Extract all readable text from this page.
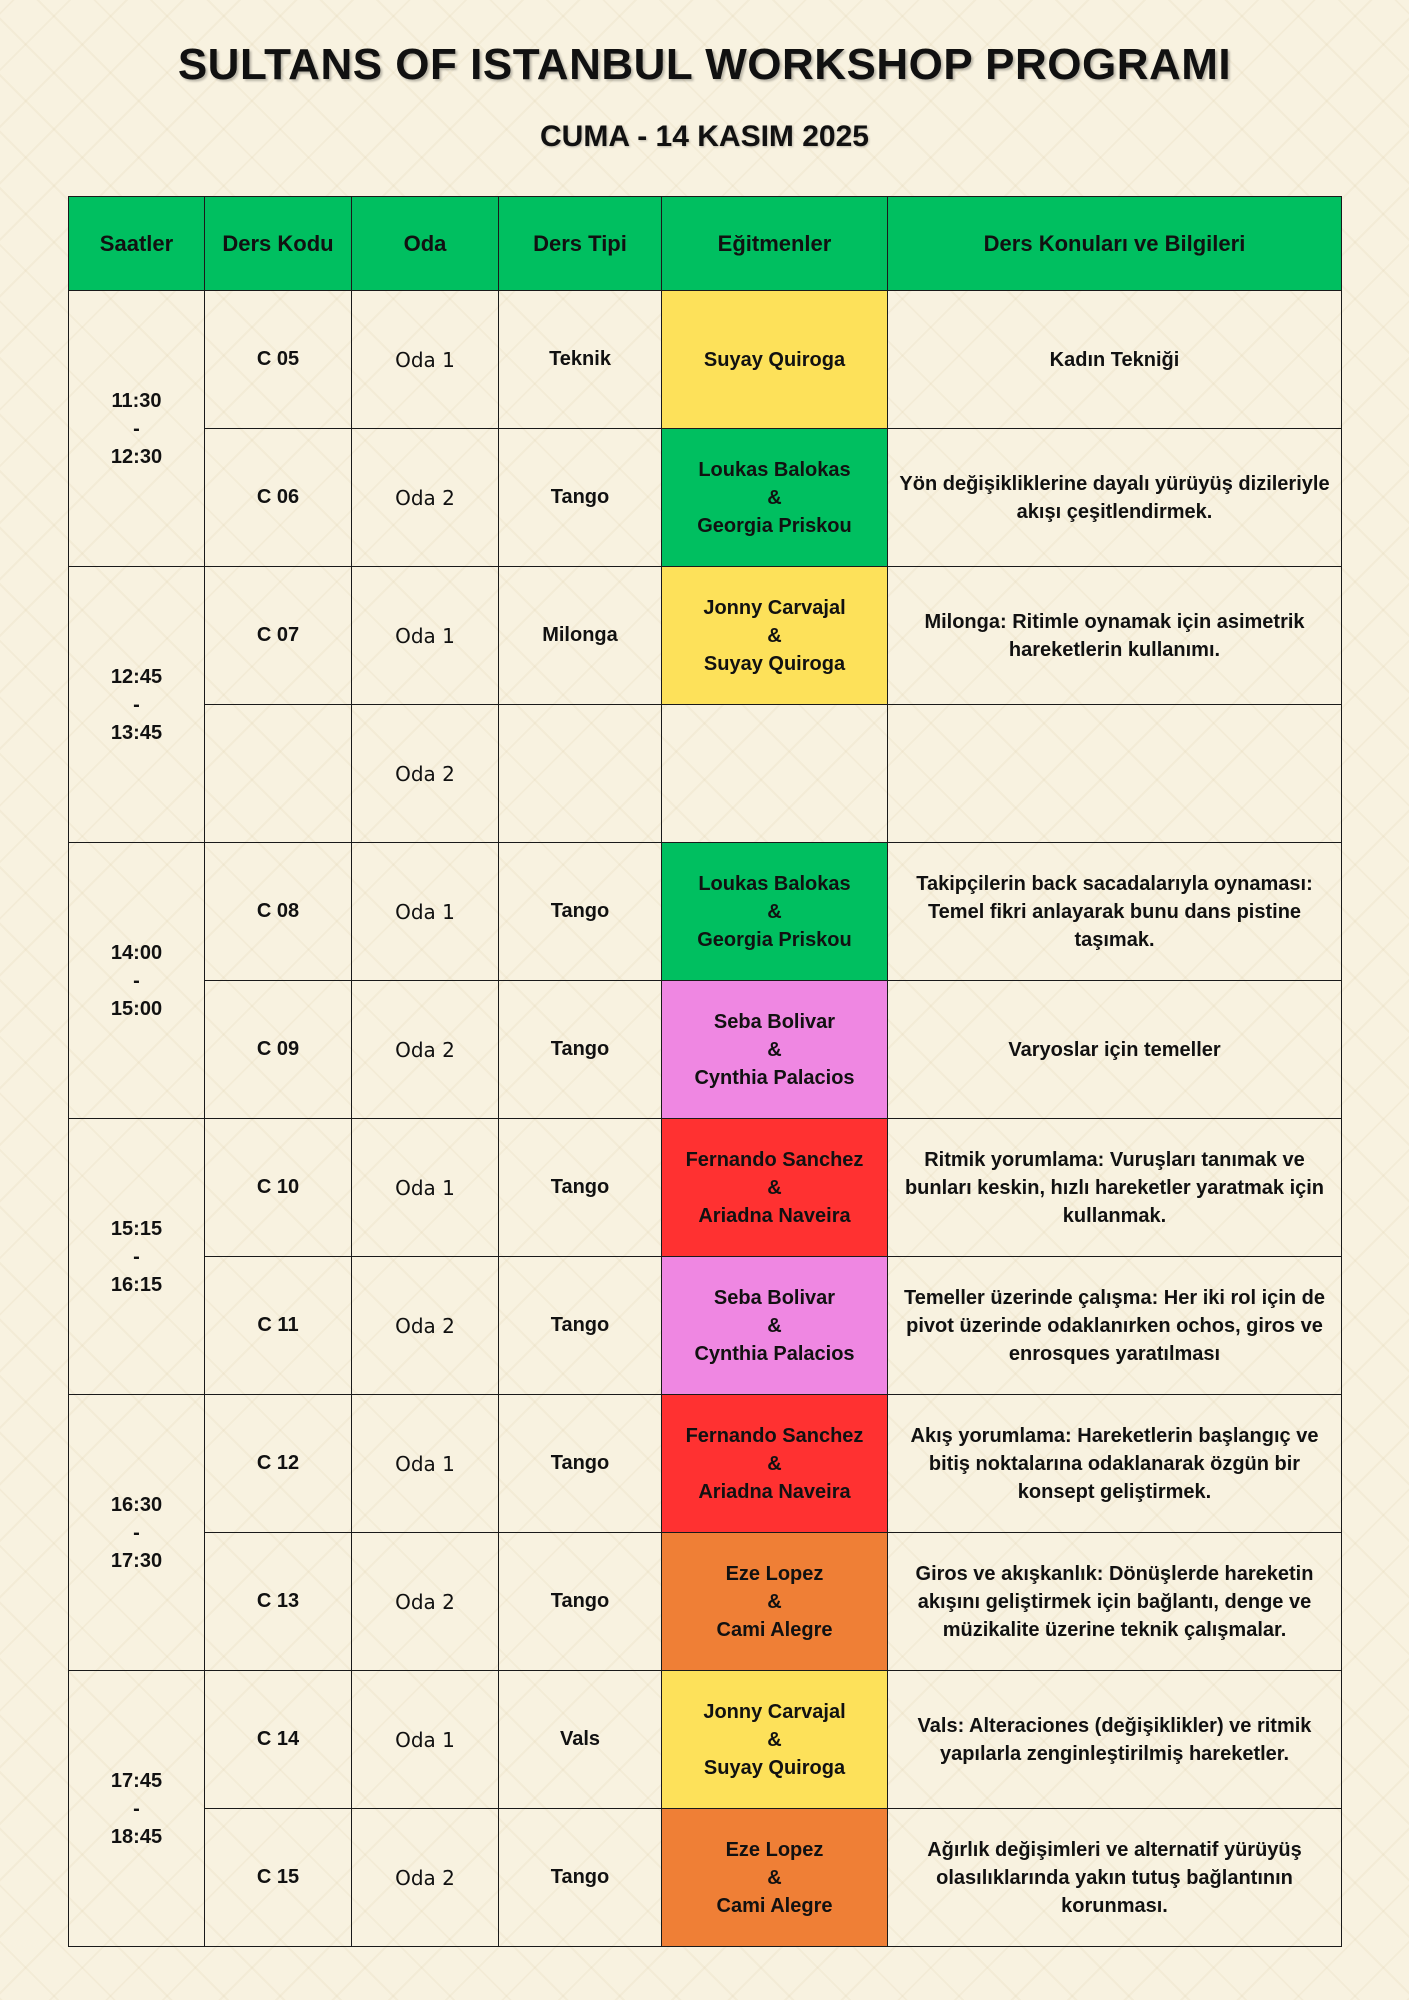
SULTANS OF ISTANBUL WORKSHOP PROGRAMI
CUMA - 14 KASIM 2025
Saatler	Ders Kodu	Oda	Ders Tipi	Eğitmenler	Ders Konuları ve Bilgileri

11:30
-
12:30	C 05	Oda 1	Teknik	Suyay Quiroga	Kadın Tekniği
	C 06	Oda 2	Tango	Loukas Balokas
&
Georgia Priskou	Yön değişikliklerine dayalı yürüyüş dizileriyle akışı çeşitlendirmek.

12:45
-
13:45	C 07	Oda 1	Milonga	Jonny Carvajal
&
Suyay Quiroga	Milonga: Ritimle oynamak için asimetrik hareketlerin kullanımı.
		Oda 2		

14:00
-
15:00	C 08	Oda 1	Tango	Loukas Balokas
&
Georgia Priskou	Takipçilerin back sacadalarıyla oynaması: Temel fikri anlayarak bunu dans pistine taşımak.
	C 09	Oda 2	Tango	Seba Bolivar
&
Cynthia Palacios	Varyoslar için temeller

15:15
-
16:15	C 10	Oda 1	Tango	Fernando Sanchez
&
Ariadna Naveira	Ritmik yorumlama: Vuruşları tanımak ve bunları keskin, hızlı hareketler yaratmak için kullanmak.
	C 11	Oda 2	Tango	Seba Bolivar
&
Cynthia Palacios	Temeller üzerinde çalışma: Her iki rol için de pivot üzerinde odaklanırken ochos, giros ve enrosques yaratılması

16:30
-
17:30	C 12	Oda 1	Tango	Fernando Sanchez
&
Ariadna Naveira	Akış yorumlama: Hareketlerin başlangıç ve bitiş noktalarına odaklanarak özgün bir konsept geliştirmek.
	C 13	Oda 2	Tango	Eze Lopez
&
Cami Alegre	Giros ve akışkanlık: Dönüşlerde hareketin akışını geliştirmek için bağlantı, denge ve müzikalite üzerine teknik çalışmalar.

17:45
-
18:45	C 14	Oda 1	Vals	Jonny Carvajal
&
Suyay Quiroga	Vals: Alteraciones (değişiklikler) ve ritmik yapılarla zenginleştirilmiş hareketler.
	C 15	Oda 2	Tango	Eze Lopez
&
Cami Alegre	Ağırlık değişimleri ve alternatif yürüyüş olasılıklarında yakın tutuş bağlantının korunması.
